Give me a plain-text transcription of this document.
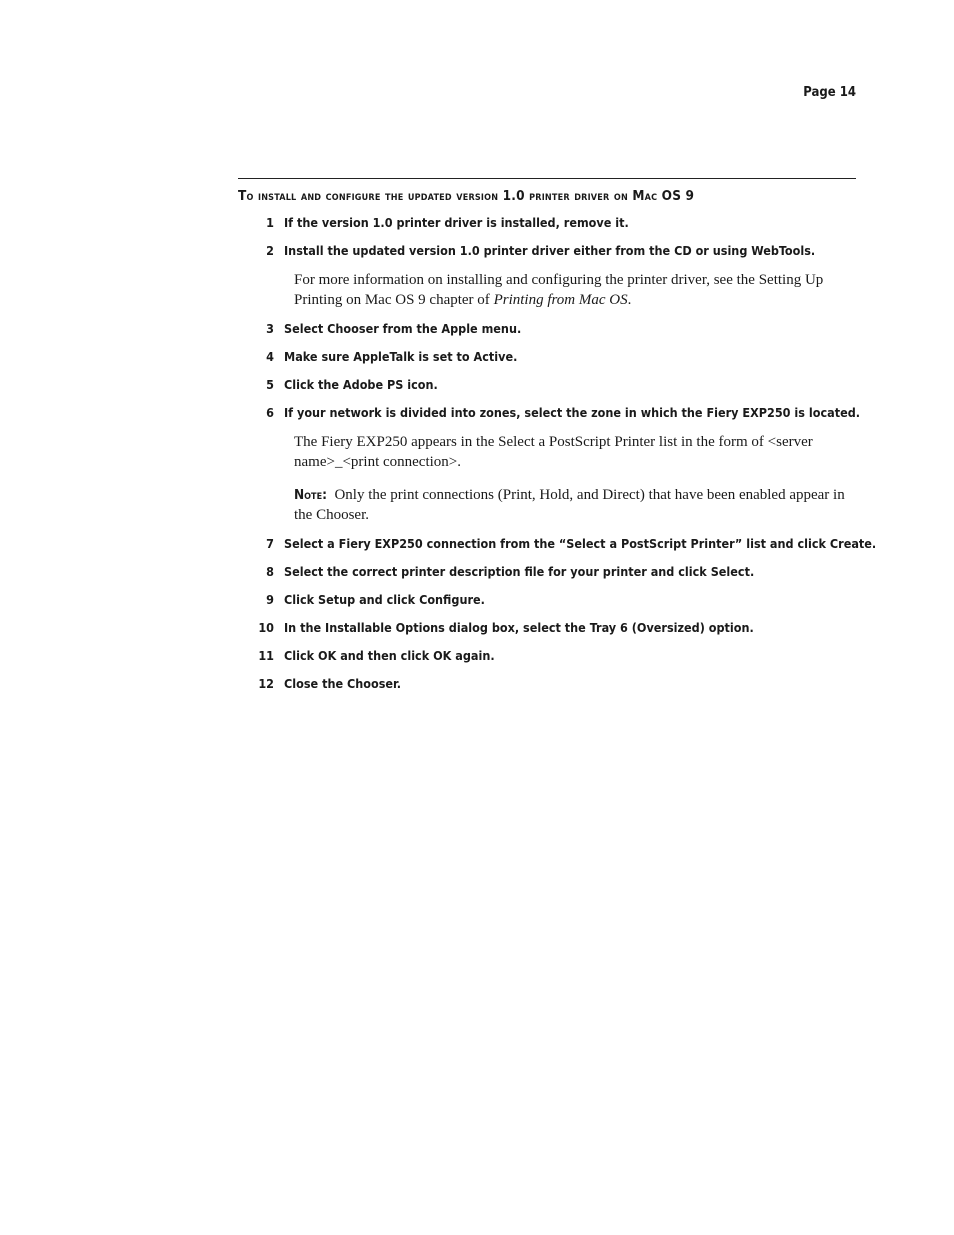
Page 14
To install and configure the updated version 1.0 printer driver on Mac OS 9
1 If the version 1.0 printer driver is installed, remove it.
2 Install the updated version 1.0 printer driver either from the CD or using WebTools.
For more information on installing and configuring the printer driver, see the Setting Up Printing on Mac OS 9 chapter of Printing from Mac OS.
3 Select Chooser from the Apple menu.
4 Make sure AppleTalk is set to Active.
5 Click the Adobe PS icon.
6 If your network is divided into zones, select the zone in which the Fiery EXP250 is located.
The Fiery EXP250 appears in the Select a PostScript Printer list in the form of <server name>_<print connection>.
Note: Only the print connections (Print, Hold, and Direct) that have been enabled appear in the Chooser.
7 Select a Fiery EXP250 connection from the “Select a PostScript Printer” list and click Create.
8 Select the correct printer description file for your printer and click Select.
9 Click Setup and click Configure.
10 In the Installable Options dialog box, select the Tray 6 (Oversized) option.
11 Click OK and then click OK again.
12 Close the Chooser.
